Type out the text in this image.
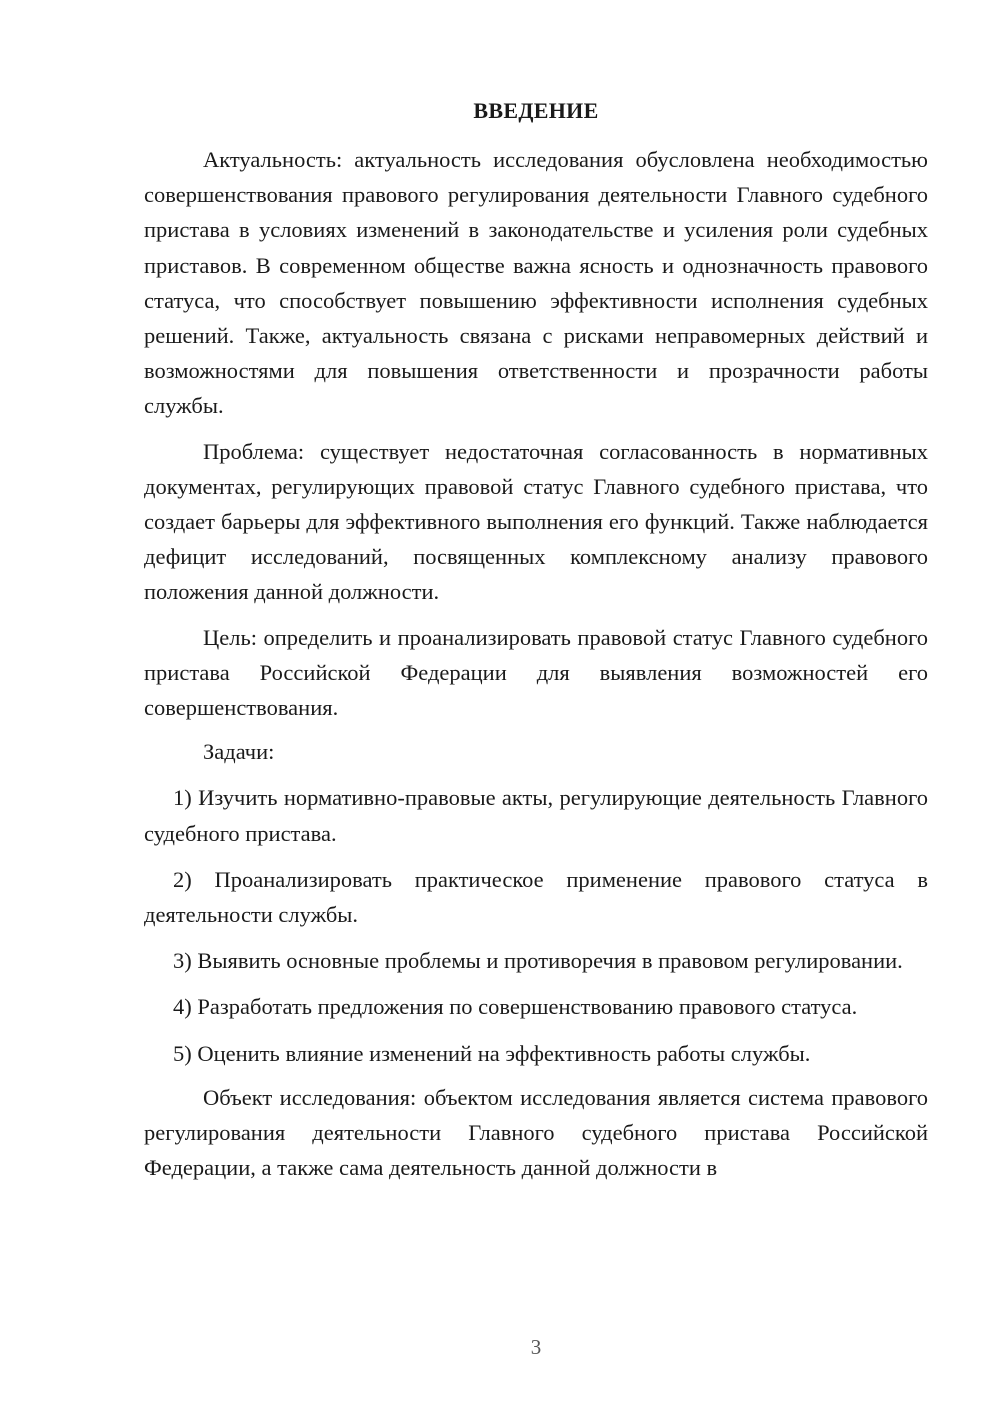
ВВЕДЕНИЕ

Актуальность: актуальность исследования обусловлена необходимостью совершенствования правового регулирования деятельности Главного судебного пристава в условиях изменений в законодательстве и усиления роли судебных приставов. В современном обществе важна ясность и однозначность правового статуса, что способствует повышению эффективности исполнения судебных решений. Также, актуальность связана с рисками неправомерных действий и возможностями для повышения ответственности и прозрачности работы службы.

Проблема: существует недостаточная согласованность в нормативных документах, регулирующих правовой статус Главного судебного пристава, что создает барьеры для эффективного выполнения его функций. Также наблюдается дефицит исследований, посвященных комплексному анализу правового положения данной должности.

Цель: определить и проанализировать правовой статус Главного судебного пристава Российской Федерации для выявления возможностей его совершенствования.

Задачи:

1) Изучить нормативно-правовые акты, регулирующие деятельность Главного судебного пристава.

2) Проанализировать практическое применение правового статуса в деятельности службы.

3) Выявить основные проблемы и противоречия в правовом регулировании.

4) Разработать предложения по совершенствованию правового статуса.

5) Оценить влияние изменений на эффективность работы службы.

Объект исследования: объектом исследования является система правового регулирования деятельности Главного судебного пристава Российской Федерации, а также сама деятельность данной должности в

3
